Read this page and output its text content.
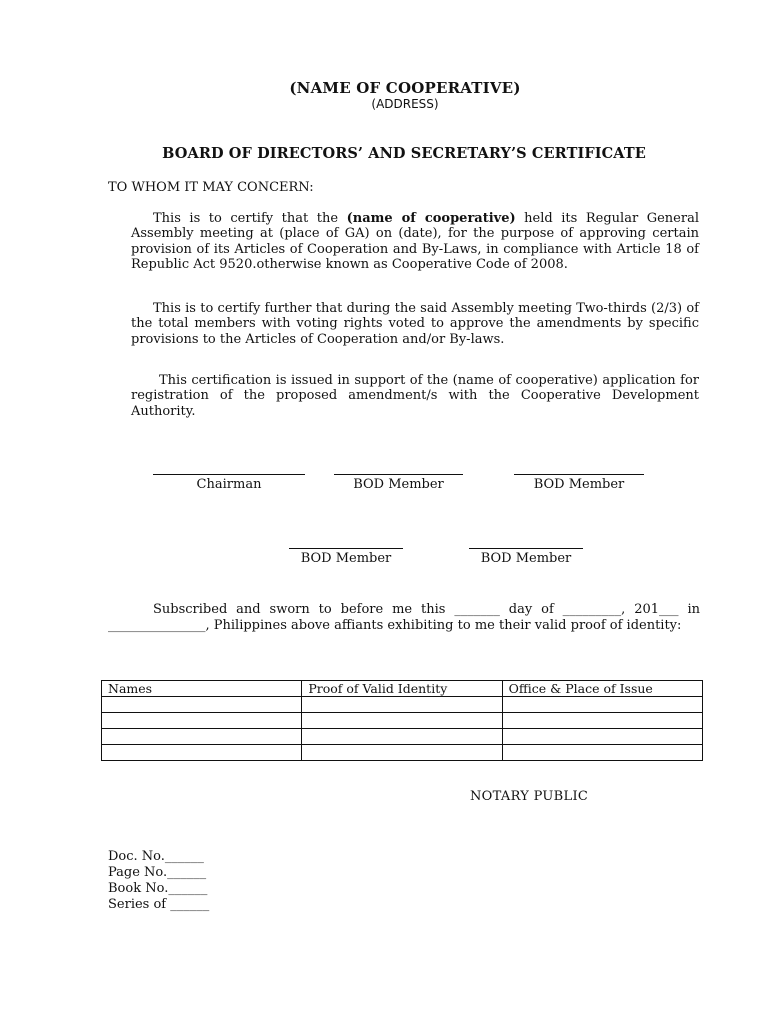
(NAME OF COOPERATIVE)
(ADDRESS)
BOARD OF DIRECTORS’ AND SECRETARY’S CERTIFICATE
TO WHOM IT MAY CONCERN:
This is to certify that the (name of cooperative) held its Regular General Assembly meeting at (place of GA) on (date), for the purpose of approving certain provision of its Articles of Cooperation and By-Laws, in compliance with Article 18 of Republic Act 9520.otherwise known as Cooperative Code of 2008.
This is to certify further that during the said Assembly meeting Two-thirds (2/3) of the total members with voting rights voted to approve the amendments by specific provisions to the Articles of Cooperation and/or By-laws.
This certification is issued in support of the (name of cooperative) application for registration of the proposed amendment/s with the Cooperative Development Authority.
Chairman	BOD Member	BOD Member
BOD Member	BOD Member
Subscribed and sworn to before me this _______ day of _________, 201___ in _______________, Philippines above affiants exhibiting to me their valid proof of identity:
Names	Proof of Valid Identity	Office & Place of Issue

NOTARY PUBLIC
Doc. No.______
Page No.______
Book No.______
Series of ______
